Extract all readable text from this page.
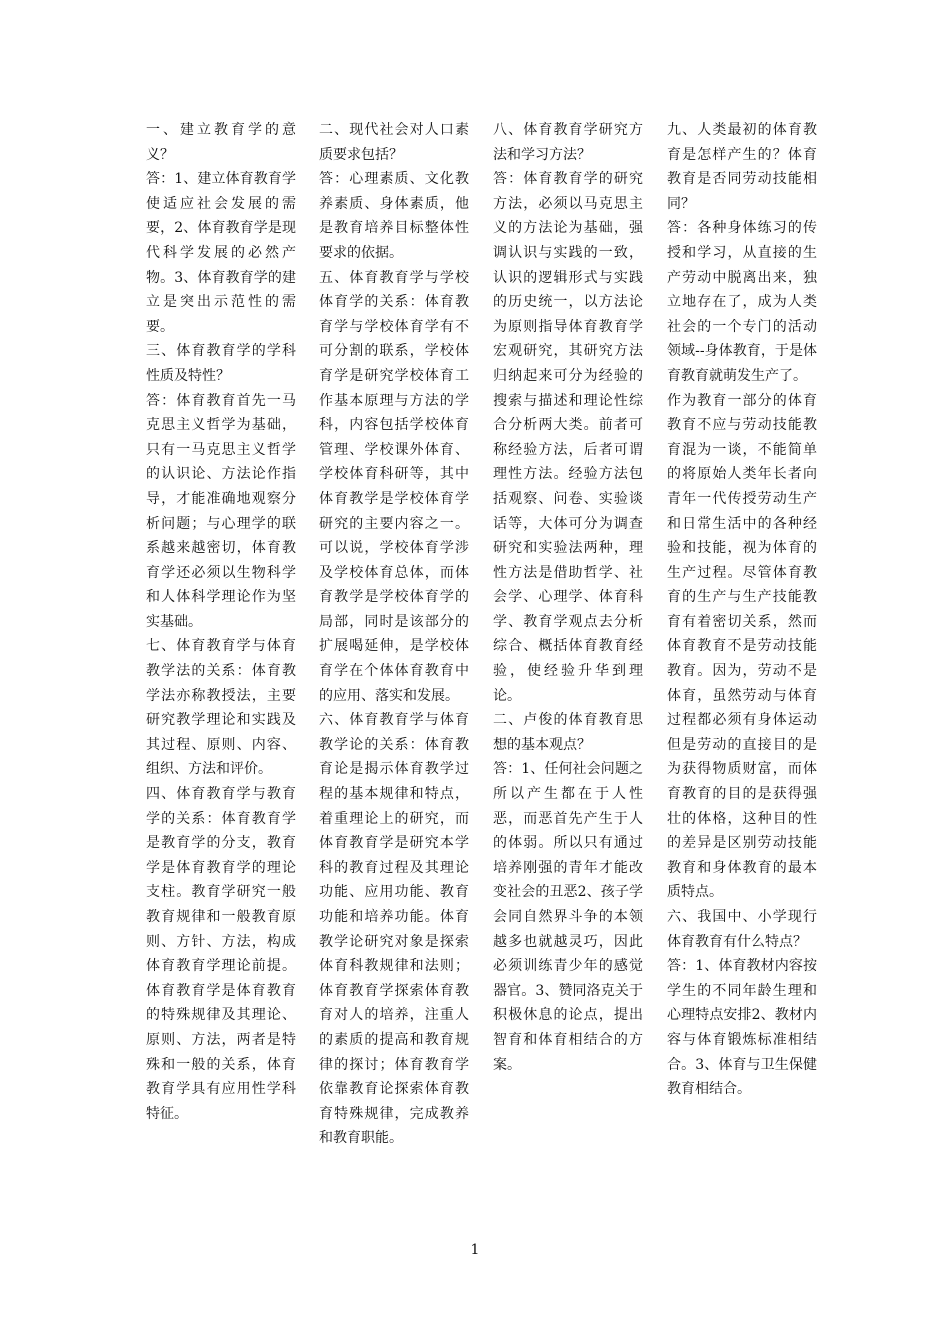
一、建立教育学的意义？

答：1、建立体育教育学使适应社会发展的需要，2、体育教育学是现代科学发展的必然产物。3、体育教育学的建立是突出示范性的需要。

三、体育教育学的学科性质及特性？

答：体育教育首先一马克思主义哲学为基础，只有一马克思主义哲学的认识论、方法论作指导，才能准确地观察分析问题；与心理学的联系越来越密切，体育教育学还必须以生物科学和人体科学理论作为坚实基础。

七、体育教育学与体育教学法的关系：体育教学法亦称教授法，主要研究教学理论和实践及其过程、原则、内容、组织、方法和评价。

四、体育教育学与教育学的关系：体育教育学是教育学的分支，教育学是体育教育学的理论支柱。教育学研究一般教育规律和一般教育原则、方针、方法，构成体育教育学理论前提。体育教育学是体育教育的特殊规律及其理论、原则、方法，两者是特殊和一般的关系，体育教育学具有应用性学科特征。

二、现代社会对人口素质要求包括？

答：心理素质、文化教养素质、身体素质，他是教育培养目标整体性要求的依据。

五、体育教育学与学校体育学的关系：体育教育学与学校体育学有不可分割的联系，学校体育学是研究学校体育工作基本原理与方法的学科，内容包括学校体育管理、学校课外体育、学校体育科研等，其中体育教学是学校体育学研究的主要内容之一。可以说，学校体育学涉及学校体育总体，而体育教学是学校体育学的局部，同时是该部分的扩展喝延伸，是学校体育学在个体体育教育中的应用、落实和发展。

六、体育教育学与体育教学论的关系：体育教育论是揭示体育教学过程的基本规律和特点，着重理论上的研究，而体育教育学是研究本学科的教育过程及其理论功能、应用功能、教育功能和培养功能。体育教学论研究对象是探索体育科教规律和法则；体育教育学探索体育教育对人的培养，注重人的素质的提高和教育规律的探讨；体育教育学依靠教育论探索体育教育特殊规律，完成教养和教育职能。

八、体育教育学研究方法和学习方法？

答：体育教育学的研究方法，必须以马克思主义的方法论为基础，强调认识与实践的一致，认识的逻辑形式与实践的历史统一，以方法论为原则指导体育教育学宏观研究，其研究方法归纳起来可分为经验的搜索与描述和理论性综合分析两大类。前者可称经验方法，后者可谓理性方法。经验方法包括观察、问卷、实验谈话等，大体可分为调查研究和实验法两种，理性方法是借助哲学、社会学、心理学、体育科学、教育学观点去分析综合、概括体育教育经验，使经验升华到理论。

二、卢俊的体育教育思想的基本观点？

答：1、任何社会问题之所以产生都在于人性恶，而恶首先产生于人的体弱。所以只有通过培养刚强的青年才能改变社会的丑恶2、孩子学会同自然界斗争的本领越多也就越灵巧，因此必须训练青少年的感觉器官。3、赞同洛克关于积极休息的论点，提出智育和体育相结合的方案。

九、人类最初的体育教育是怎样产生的？体育教育是否同劳动技能相同？

答：各种身体练习的传授和学习，从直接的生产劳动中脱离出来，独立地存在了，成为人类社会的一个专门的活动领域--身体教育，于是体育教育就萌发生产了。

作为教育一部分的体育教育不应与劳动技能教育混为一谈，不能简单的将原始人类年长者向青年一代传授劳动生产和日常生活中的各种经验和技能，视为体育的生产过程。尽管体育教育的生产与生产技能教育有着密切关系，然而体育教育不是劳动技能教育。因为，劳动不是体育，虽然劳动与体育过程都必须有身体运动但是劳动的直接目的是为获得物质财富，而体育教育的目的是获得强壮的体格，这种目的性的差异是区别劳动技能教育和身体教育的最本质特点。

六、我国中、小学现行体育教育有什么特点？

答：1、体育教材内容按学生的不同年龄生理和心理特点安排2、教材内容与体育锻炼标准相结合。3、体育与卫生保健教育相结合。

1
